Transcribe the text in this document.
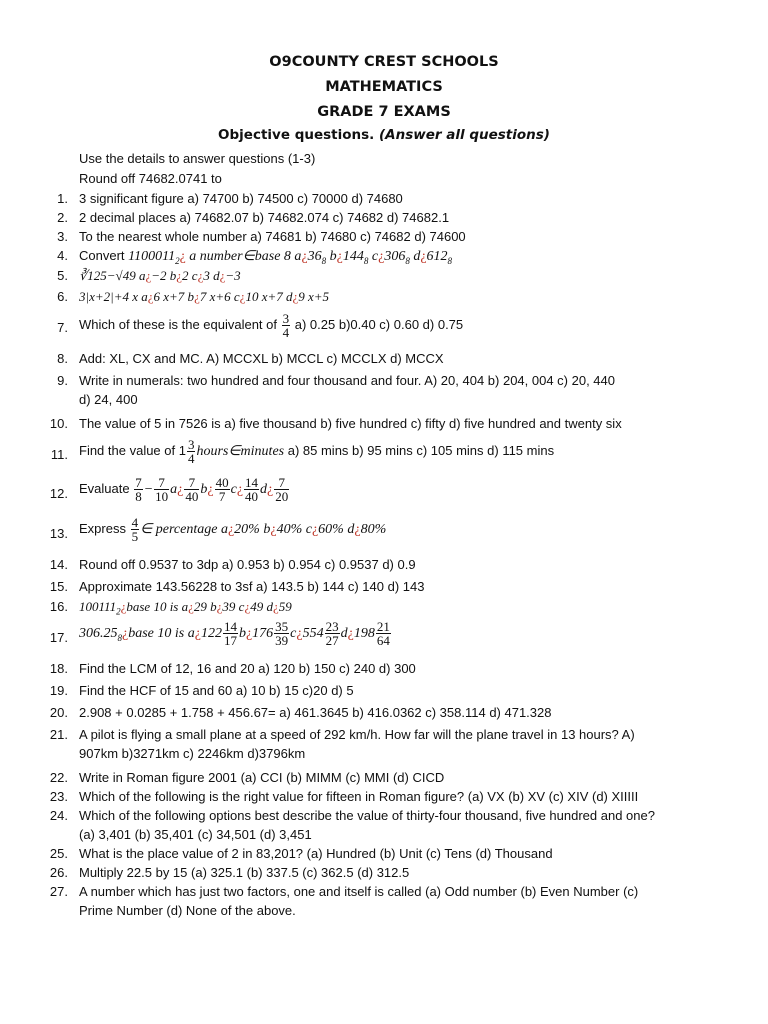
O9COUNTY CREST SCHOOLS
MATHEMATICS
GRADE 7 EXAMS
Objective questions. (Answer all questions)
Use the details to answer questions (1-3)
Round off 74682.0741 to
1. 3 significant figure a) 74700 b) 74500 c) 70000 d) 74680
2. 2 decimal places a) 74682.07 b) 74682.074 c) 74682 d) 74682.1
3. To the nearest whole number a) 74681 b) 74680 c) 74682 d) 74600
4. Convert $1100011_2¿$ a number∈base 8 $a¿36_8$ $b¿144_8$ $c¿306_8$ $d¿612_8$
5. ∛125−√49 a¿−2 b¿2 c¿3 d¿−3
6. 3|x+2|+4 x a¿6 x+7 b¿7 x+6 c¿10 x+7 d¿9 x+5
7. Which of these is the equivalent of $\frac{3}{4} a$) 0.25 b)0.40 c) 0.60 d) 0.75
8. Add: XL, CX and MC. A) MCCXL b) MCCL c) MCCLX d) MCCX
9. Write in numerals: two hundred and four thousand and four. A) 20, 404 b) 204, 004 c) 20, 440
d) 24, 400
10. The value of 5 in 7526 is a) five thousand b) five hundred c) fifty d) five hundred and twenty six
11. Find the value of $1 \frac{3}{4}$ hours∈minutes a) 85 mins b) 95 mins c) 105 mins d) 115 mins
12. Evaluate $\frac{7}{8} - \frac{7}{10}$ a¿ $\frac{7}{40}$ b¿ $\frac{40}{7}$ c¿ $\frac{14}{40}$ d¿ $\frac{7}{20}$
13. Express $\frac{4}{5}$ ∈ percentage a¿20% b¿40% c¿60% d¿80%
14. Round off 0.9537 to 3dp a) 0.953 b) 0.954 c) 0.9537 d) 0.9
15. Approximate 143.56228 to 3sf a) 143.5 b) 144 c) 140 d) 143
16. $100111_2¿base$ 10 is a¿29 b¿39 c¿49 d¿59
17. $306.25_8¿base$ 10 is a¿122 $\frac{14}{17}$ b¿176 $\frac{35}{39}$ c¿554 $\frac{23}{27}$ d¿198 $\frac{21}{64}$
18. Find the LCM of 12, 16 and 20 a) 120 b) 150 c) 240 d) 300
19. Find the HCF of 15 and 60 a) 10 b) 15 c)20 d) 5
20. 2.908 + 0.0285 + 1.758 + 456.67= a) 461.3645 b) 416.0362 c) 358.114 d) 471.328
21. A pilot is flying a small plane at a speed of 292 km/h. How far will the plane travel in 13 hours? A)
907km b)3271km c) 2246km d)3796km
22. Write in Roman figure 2001 (a) CCI (b) MIMM (c) MMI (d) CICD
23. Which of the following is the right value for fifteen in Roman figure? (a) VX (b) XV (c) XIV (d) XIIIII
24. Which of the following options best describe the value of thirty-four thousand, five hundred and one?
(a) 3,401 (b) 35,401 (c) 34,501 (d) 3,451
25. What is the place value of 2 in 83,201? (a) Hundred (b) Unit (c) Tens (d) Thousand
26. Multiply 22.5 by 15 (a) 325.1 (b) 337.5 (c) 362.5 (d) 312.5
27. A number which has just two factors, one and itself is called (a) Odd number (b) Even Number (c)
Prime Number (d) None of the above.
